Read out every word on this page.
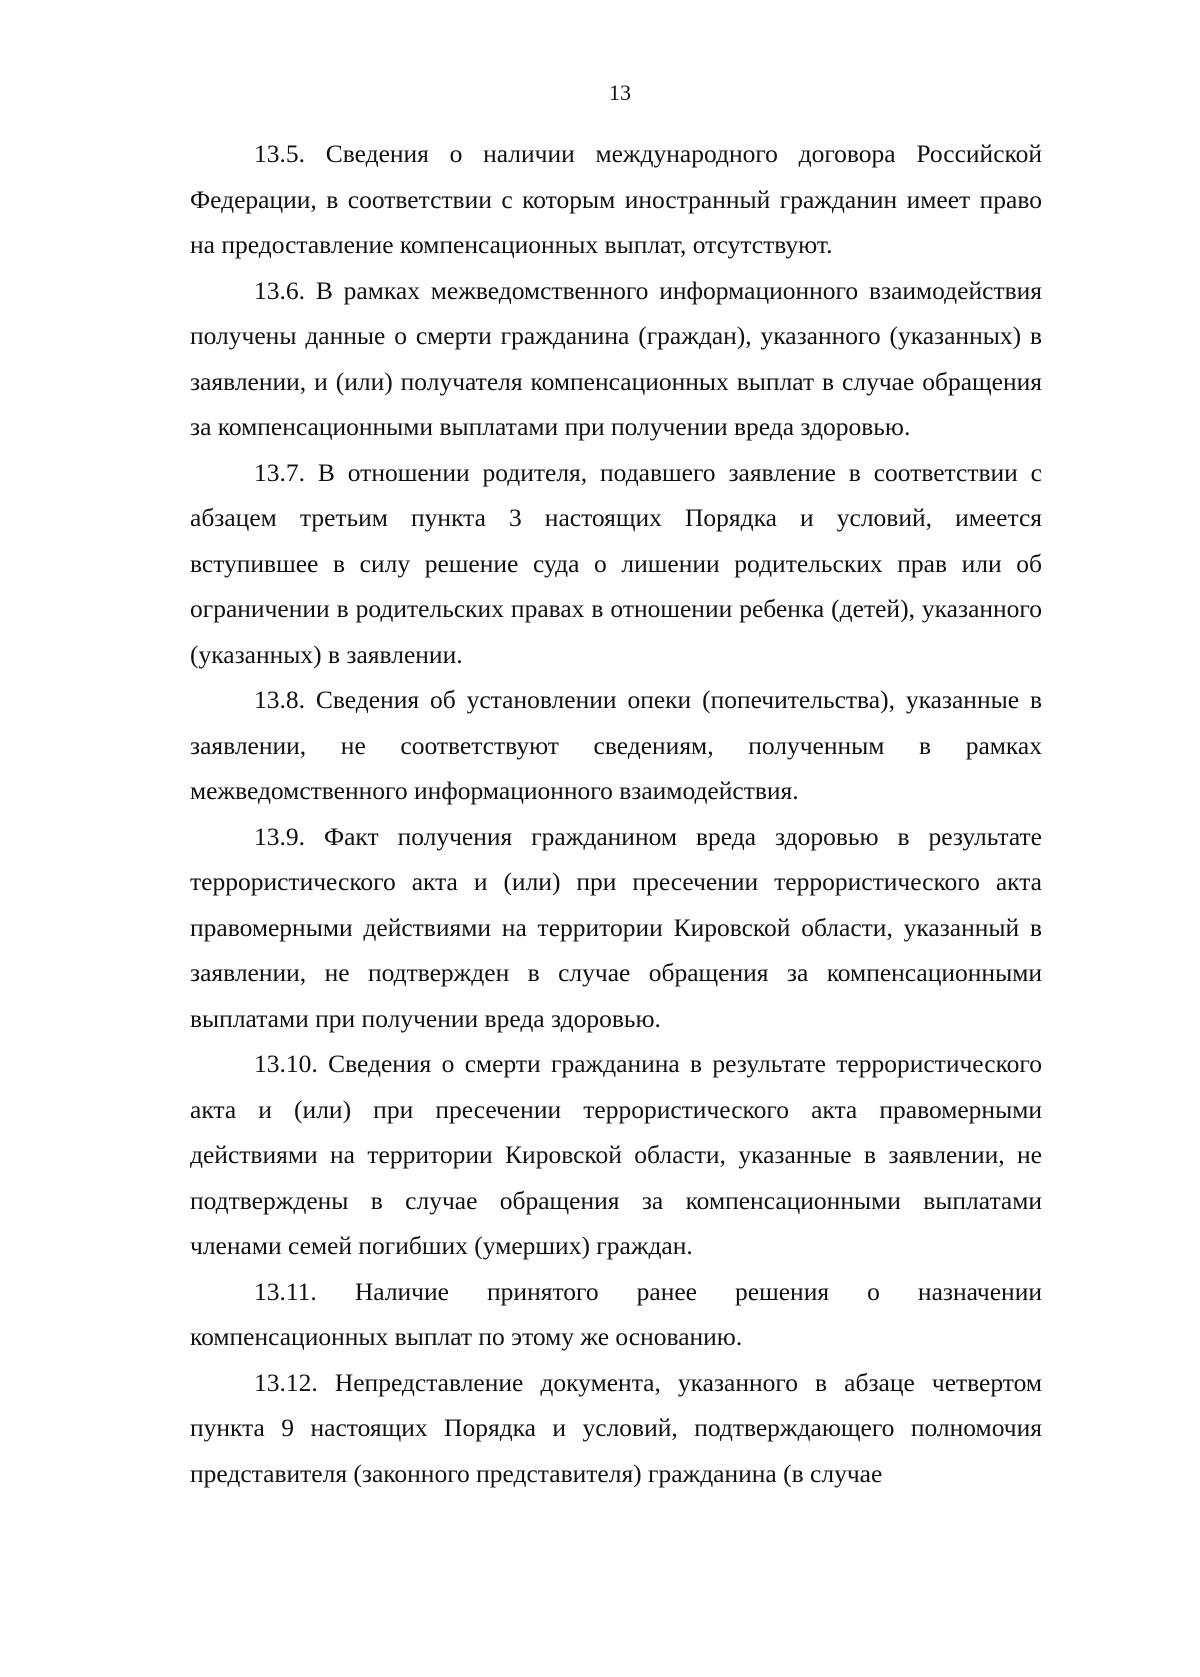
13

13.5. Сведения о наличии международного договора Российской Федерации, в соответствии с которым иностранный гражданин имеет право на предоставление компенсационных выплат, отсутствуют.

13.6. В рамках межведомственного информационного взаимодействия получены данные о смерти гражданина (граждан), указанного (указанных) в заявлении, и (или) получателя компенсационных выплат в случае обращения за компенсационными выплатами при получении вреда здоровью.

13.7. В отношении родителя, подавшего заявление в соответствии с абзацем третьим пункта 3 настоящих Порядка и условий, имеется вступившее в силу решение суда о лишении родительских прав или об ограничении в родительских правах в отношении ребенка (детей), указанного (указанных) в заявлении.

13.8. Сведения об установлении опеки (попечительства), указанные в заявлении, не соответствуют сведениям, полученным в рамках межведомственного информационного взаимодействия.

13.9. Факт получения гражданином вреда здоровью в результате террористического акта и (или) при пресечении террористического акта правомерными действиями на территории Кировской области, указанный в заявлении, не подтвержден в случае обращения за компенсационными выплатами при получении вреда здоровью.

13.10. Сведения о смерти гражданина в результате террористического акта и (или) при пресечении террористического акта правомерными действиями на территории Кировской области, указанные в заявлении, не подтверждены в случае обращения за компенсационными выплатами членами семей погибших (умерших) граждан.

13.11. Наличие принятого ранее решения о назначении компенсационных выплат по этому же основанию.

13.12. Непредставление документа, указанного в абзаце четвертом пункта 9 настоящих Порядка и условий, подтверждающего полномочия представителя (законного представителя) гражданина (в случае
